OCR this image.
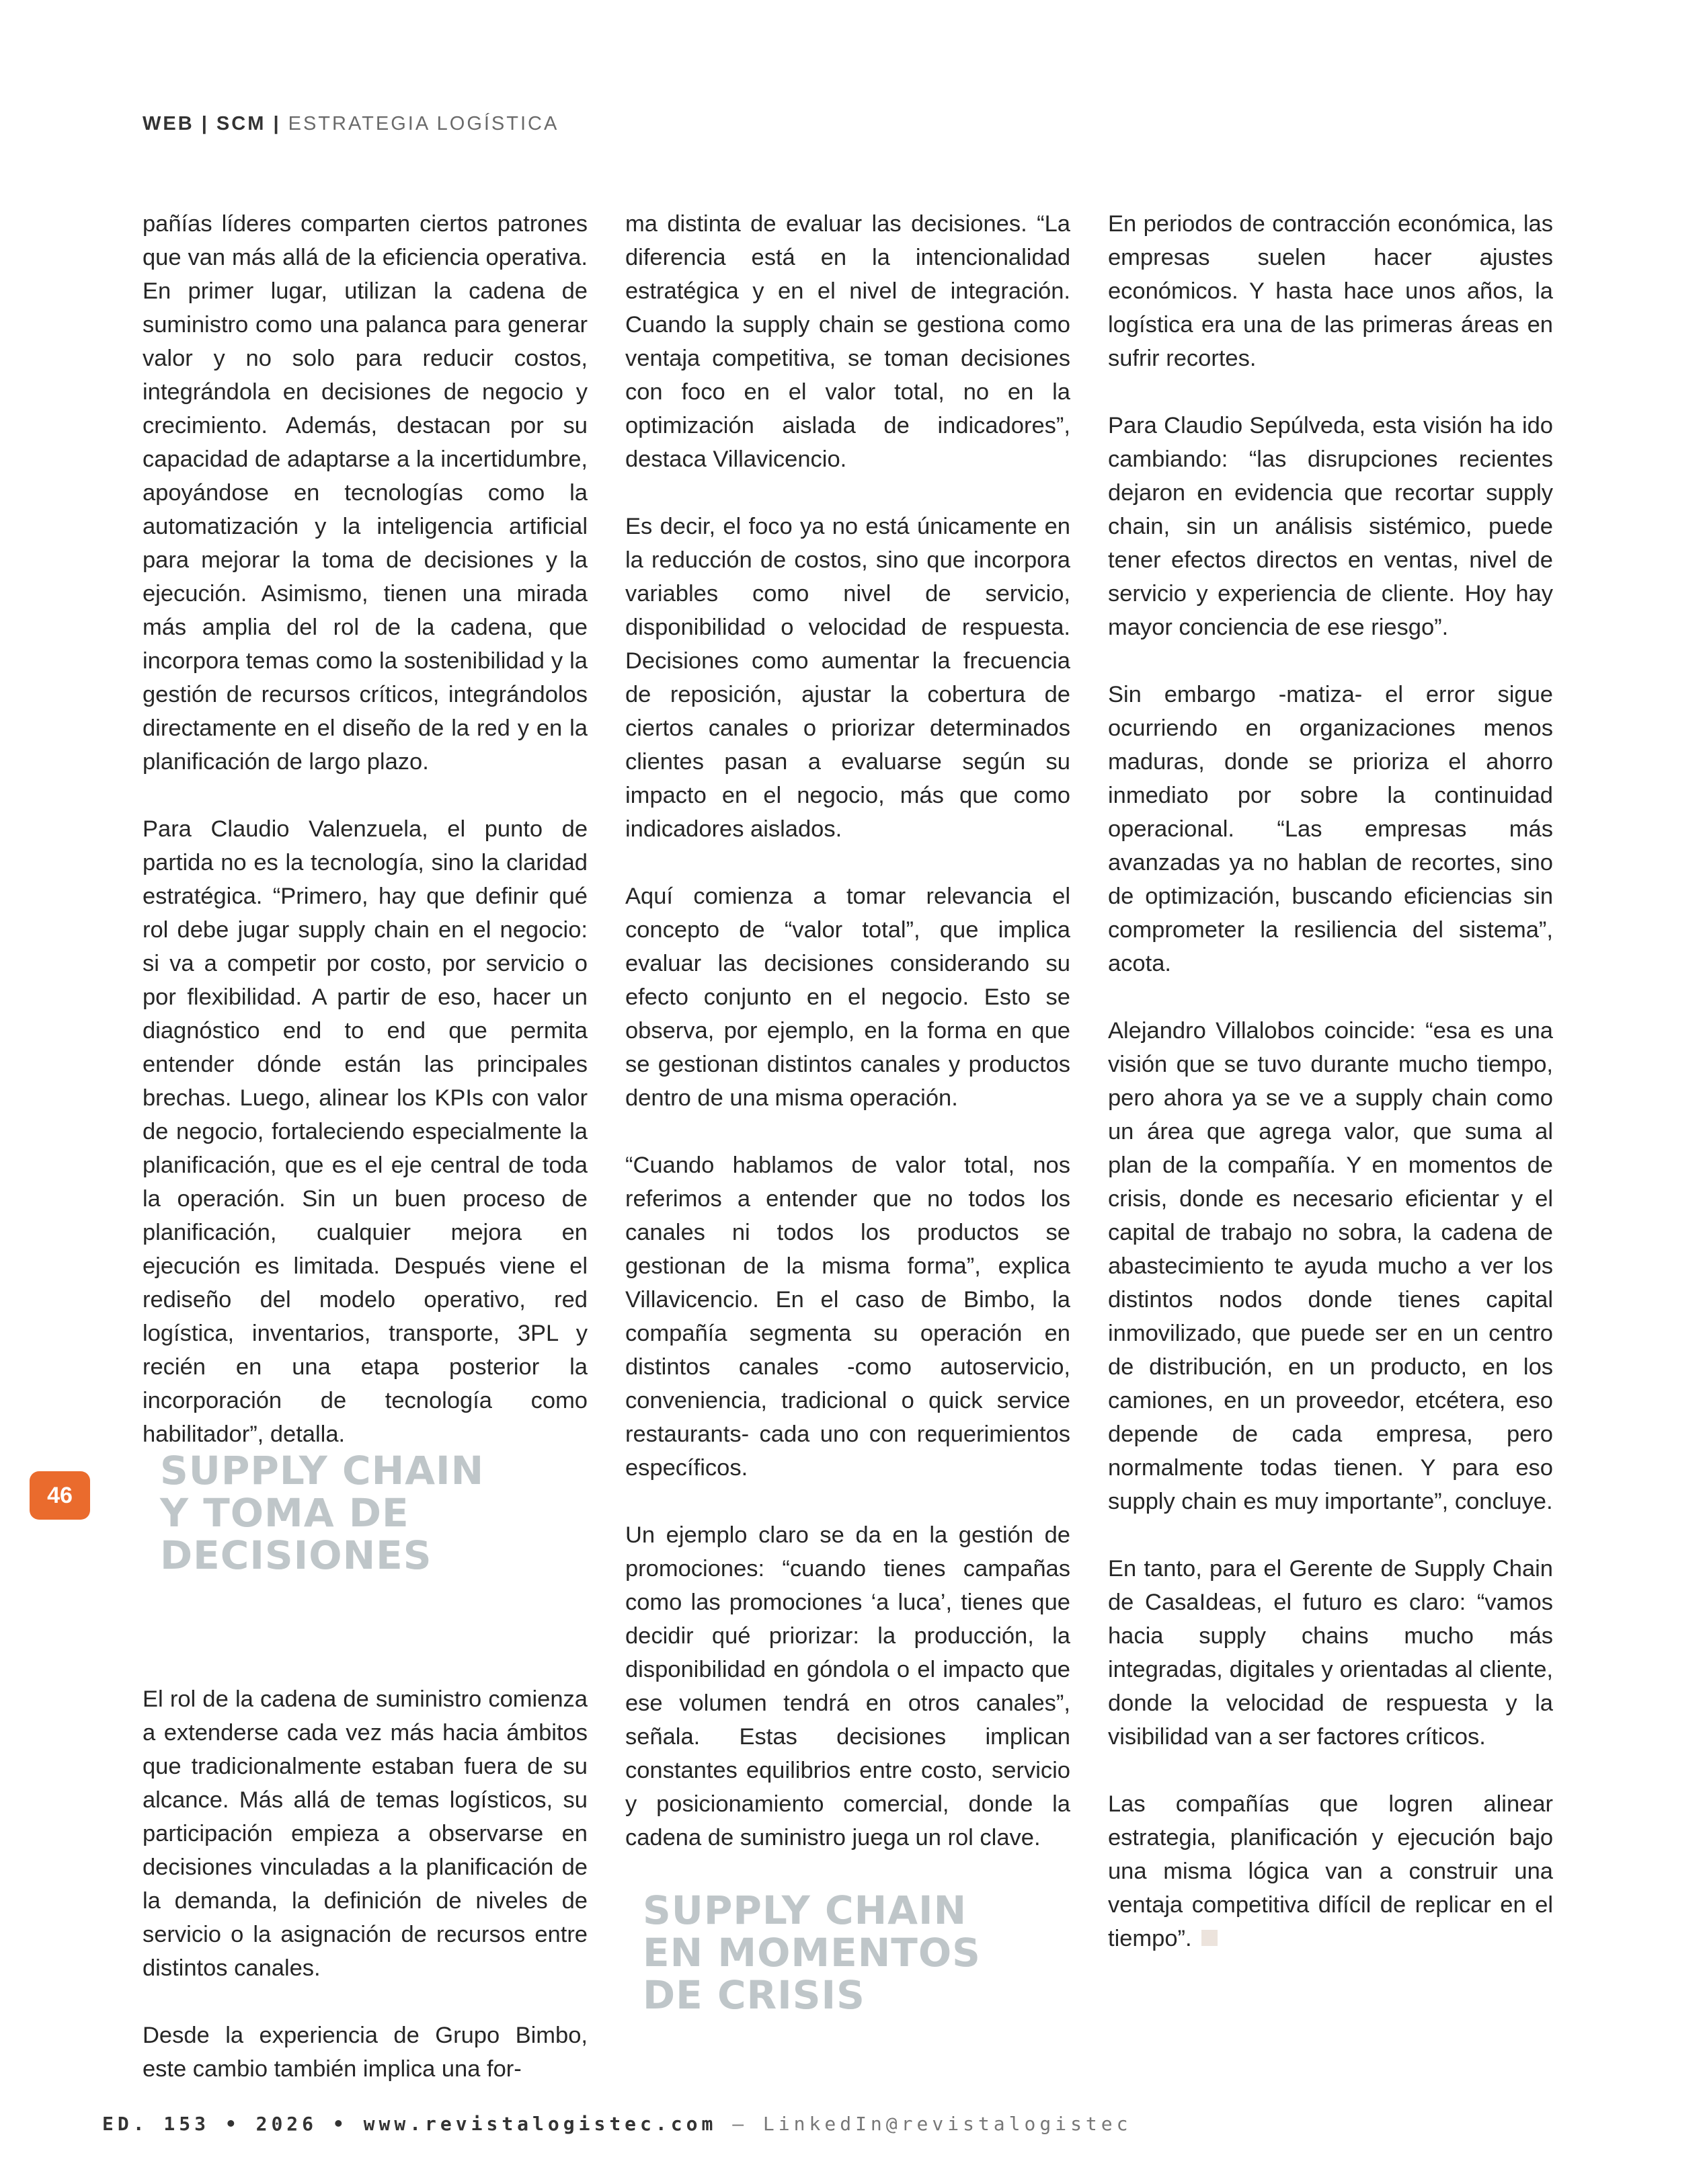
WEB | SCM | ESTRATEGIA LOGÍSTICA

pañías líderes comparten ciertos patrones que van más allá de la eficiencia operativa. En primer lugar, utilizan la cadena de suministro como una palanca para generar valor y no solo para reducir costos, integrándola en decisiones de negocio y crecimiento. Además, destacan por su capacidad de adaptarse a la incertidumbre, apoyándose en tecnologías como la automatización y la inteligencia artificial para mejorar la toma de decisiones y la ejecución. Asimismo, tienen una mirada más amplia del rol de la cadena, que incorpora temas como la sostenibilidad y la gestión de recursos críticos, integrándolos directamente en el diseño de la red y en la planificación de largo plazo.

Para Claudio Valenzuela, el punto de partida no es la tecnología, sino la claridad estratégica. “Primero, hay que definir qué rol debe jugar supply chain en el negocio: si va a competir por costo, por servicio o por flexibilidad. A partir de eso, hacer un diagnóstico end to end que permita entender dónde están las principales brechas. Luego, alinear los KPIs con valor de negocio, fortaleciendo especialmente la planificación, que es el eje central de toda la operación. Sin un buen proceso de planificación, cualquier mejora en ejecución es limitada. Después viene el rediseño del modelo operativo, red logística, inventarios, transporte, 3PL y recién en una etapa posterior la incorporación de tecnología como habilitador”, detalla.

El rol de la cadena de suministro comienza a extenderse cada vez más hacia ámbitos que tradicionalmente estaban fuera de su alcance. Más allá de temas logísticos, su participación empieza a observarse en decisiones vinculadas a la planificación de la demanda, la definición de niveles de servicio o la asignación de recursos entre distintos canales.

Desde la experiencia de Grupo Bimbo, este cambio también implica una for-

SUPPLY CHAIN
Y TOMA DE
DECISIONES

ma distinta de evaluar las decisiones. “La diferencia está en la intencionalidad estratégica y en el nivel de integración. Cuando la supply chain se gestiona como ventaja competitiva, se toman decisiones con foco en el valor total, no en la optimización aislada de indicadores”, destaca Villavicencio.

Es decir, el foco ya no está únicamente en la reducción de costos, sino que incorpora variables como nivel de servicio, disponibilidad o velocidad de respuesta. Decisiones como aumentar la frecuencia de reposición, ajustar la cobertura de ciertos canales o priorizar determinados clientes pasan a evaluarse según su impacto en el negocio, más que como indicadores aislados.

Aquí comienza a tomar relevancia el concepto de “valor total”, que implica evaluar las decisiones considerando su efecto conjunto en el negocio. Esto se observa, por ejemplo, en la forma en que se gestionan distintos canales y productos dentro de una misma operación.

“Cuando hablamos de valor total, nos referimos a entender que no todos los canales ni todos los productos se gestionan de la misma forma”, explica Villavicencio. En el caso de Bimbo, la compañía segmenta su operación en distintos canales -como autoservicio, conveniencia, tradicional o quick service restaurants- cada uno con requerimientos específicos.

Un ejemplo claro se da en la gestión de promociones: “cuando tienes campañas como las promociones ‘a luca’, tienes que decidir qué priorizar: la producción, la disponibilidad en góndola o el impacto que ese volumen tendrá en otros canales”, señala. Estas decisiones implican constantes equilibrios entre costo, servicio y posicionamiento comercial, donde la cadena de suministro juega un rol clave.

SUPPLY CHAIN
EN MOMENTOS
DE CRISIS

En periodos de contracción económica, las empresas suelen hacer ajustes económicos. Y hasta hace unos años, la logística era una de las primeras áreas en sufrir recortes.

Para Claudio Sepúlveda, esta visión ha ido cambiando: “las disrupciones recientes dejaron en evidencia que recortar supply chain, sin un análisis sistémico, puede tener efectos directos en ventas, nivel de servicio y experiencia de cliente. Hoy hay mayor conciencia de ese riesgo”.

Sin embargo -matiza- el error sigue ocurriendo en organizaciones menos maduras, donde se prioriza el ahorro inmediato por sobre la continuidad operacional. “Las empresas más avanzadas ya no hablan de recortes, sino de optimización, buscando eficiencias sin comprometer la resiliencia del sistema”, acota.

Alejandro Villalobos coincide: “esa es una visión que se tuvo durante mucho tiempo, pero ahora ya se ve a supply chain como un área que agrega valor, que suma al plan de la compañía. Y en momentos de crisis, donde es necesario eficientar y el capital de trabajo no sobra, la cadena de abastecimiento te ayuda mucho a ver los distintos nodos donde tienes capital inmovilizado, que puede ser en un centro de distribución, en un producto, en los camiones, en un proveedor, etcétera, eso depende de cada empresa, pero normalmente todas tienen. Y para eso supply chain es muy importante”, concluye.

En tanto, para el Gerente de Supply Chain de CasaIdeas, el futuro es claro: “vamos hacia supply chains mucho más integradas, digitales y orientadas al cliente, donde la velocidad de respuesta y la visibilidad van a ser factores críticos.

Las compañías que logren alinear estrategia, planificación y ejecución bajo una misma lógica van a construir una ventaja competitiva difícil de replicar en el tiempo”.

46
ED. 153 • 2026 • www.revistalogistec.com – LinkedIn@revistalogistec
